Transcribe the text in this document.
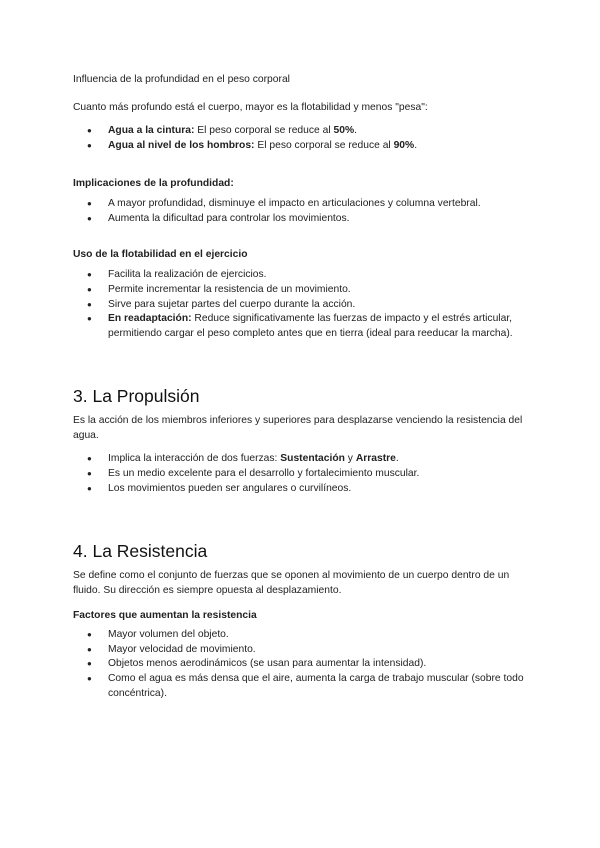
Influencia de la profundidad en el peso corporal

Cuanto más profundo está el cuerpo, mayor es la flotabilidad y menos "pesa":

● Agua a la cintura: El peso corporal se reduce al 50%.
● Agua al nivel de los hombros: El peso corporal se reduce al 90%.
Implicaciones de la profundidad:
● A mayor profundidad, disminuye el impacto en articulaciones y columna vertebral.
● Aumenta la dificultad para controlar los movimientos.
Uso de la flotabilidad en el ejercicio
● Facilita la realización de ejercicios.
● Permite incrementar la resistencia de un movimiento.
● Sirve para sujetar partes del cuerpo durante la acción.
● En readaptación: Reduce significativamente las fuerzas de impacto y el estrés articular, permitiendo cargar el peso completo antes que en tierra (ideal para reeducar la marcha).
3. La Propulsión

Es la acción de los miembros inferiores y superiores para desplazarse venciendo la resistencia del agua.

● Implica la interacción de dos fuerzas: Sustentación y Arrastre.
● Es un medio excelente para el desarrollo y fortalecimiento muscular.
● Los movimientos pueden ser angulares o curvilíneos.
4. La Resistencia

Se define como el conjunto de fuerzas que se oponen al movimiento de un cuerpo dentro de un fluido. Su dirección es siempre opuesta al desplazamiento.

Factores que aumentan la resistencia
● Mayor volumen del objeto.
● Mayor velocidad de movimiento.
● Objetos menos aerodinámicos (se usan para aumentar la intensidad).
● Como el agua es más densa que el aire, aumenta la carga de trabajo muscular (sobre todo concéntrica).
